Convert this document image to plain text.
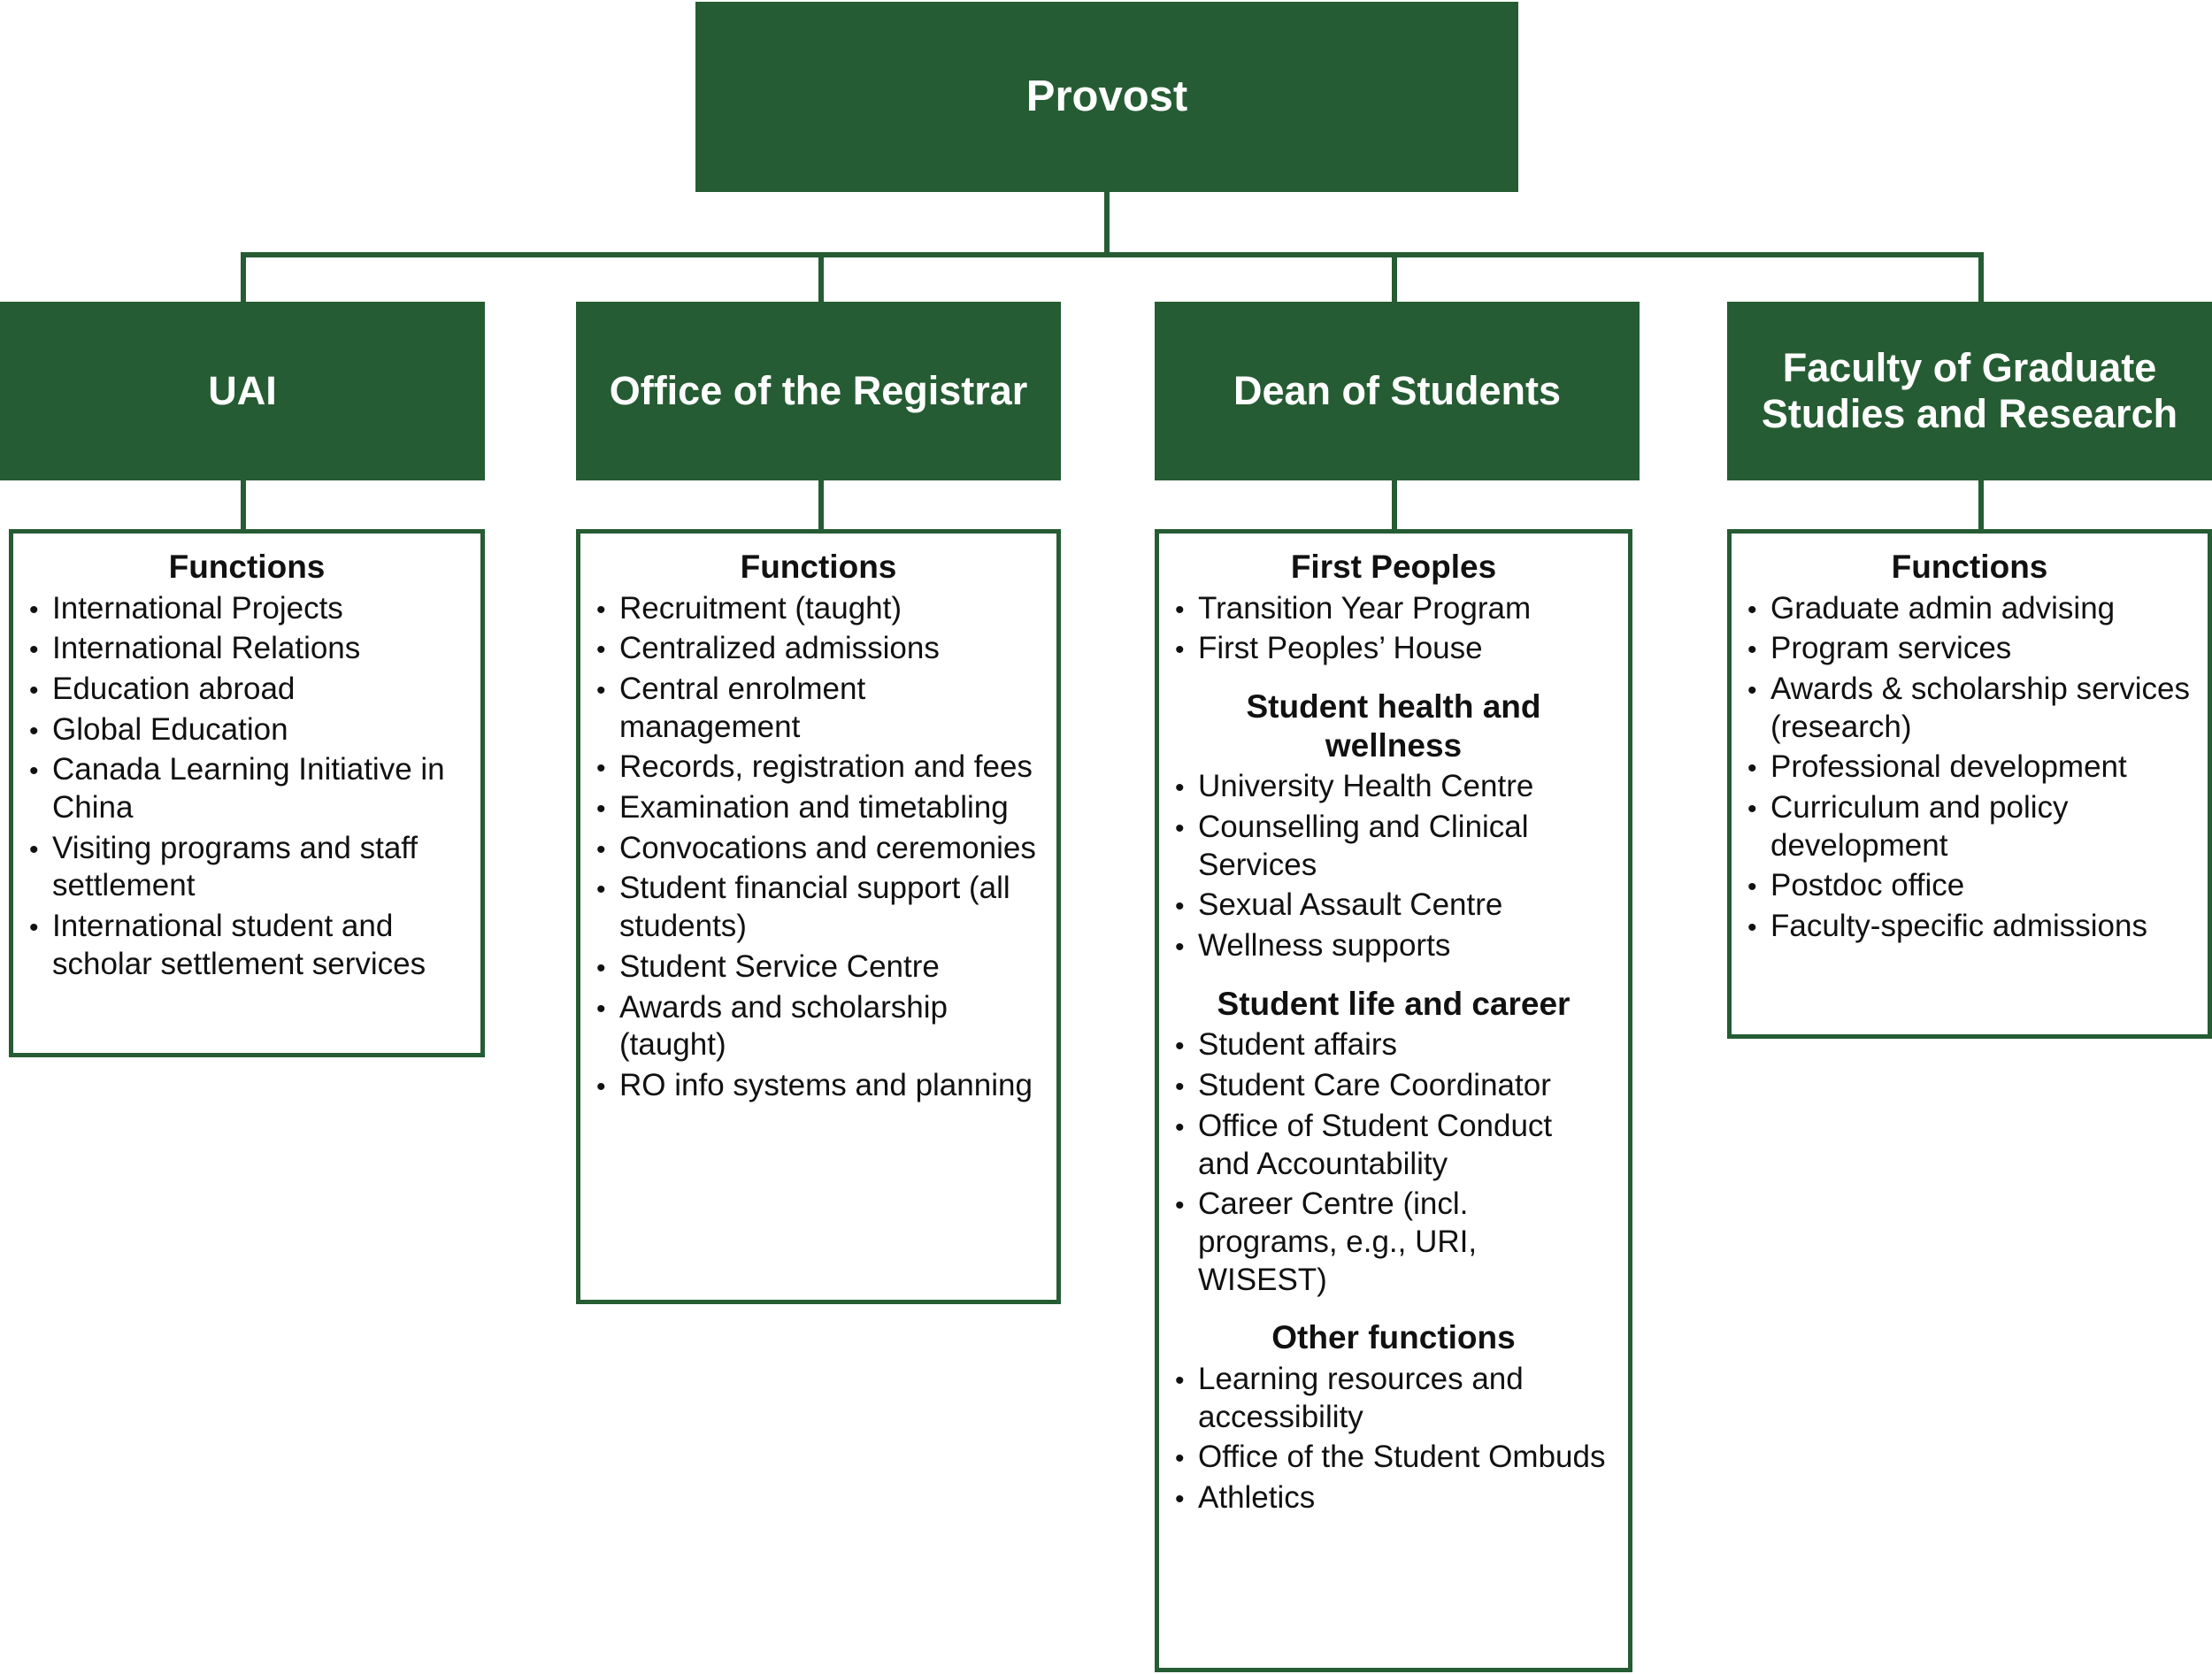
Provost
UAI	Office of the Registrar	Dean of Students
Faculty of Graduate Studies and Research
Functions
• International Projects
• International Relations
• Education abroad
• Global Education
• Canada Learning Initiative in China
• Visiting programs and staff settlement
• International student and scholar settlement services
Functions
• Recruitment (taught)
• Centralized admissions
• Central enrolment management
• Records, registration and fees
• Examination and timetabling
• Convocations and ceremonies
• Student financial support (all students)
• Student Service Centre
• Awards and scholarship (taught)
• RO info systems and planning
First Peoples
• Transition Year Program
• First Peoples’ House
Student health and wellness
• University Health Centre
• Counselling and Clinical Services
• Sexual Assault Centre
• Wellness supports
Student life and career
• Student affairs
• Student Care Coordinator
• Office of Student Conduct and Accountability
• Career Centre (incl. programs, e.g., URI, WISEST)
Other functions
• Learning resources and accessibility
• Office of the Student Ombuds
• Athletics
Functions
• Graduate admin advising
• Program services
• Awards & scholarship services (research)
• Professional development
• Curriculum and policy development
• Postdoc office
• Faculty-specific admissions
